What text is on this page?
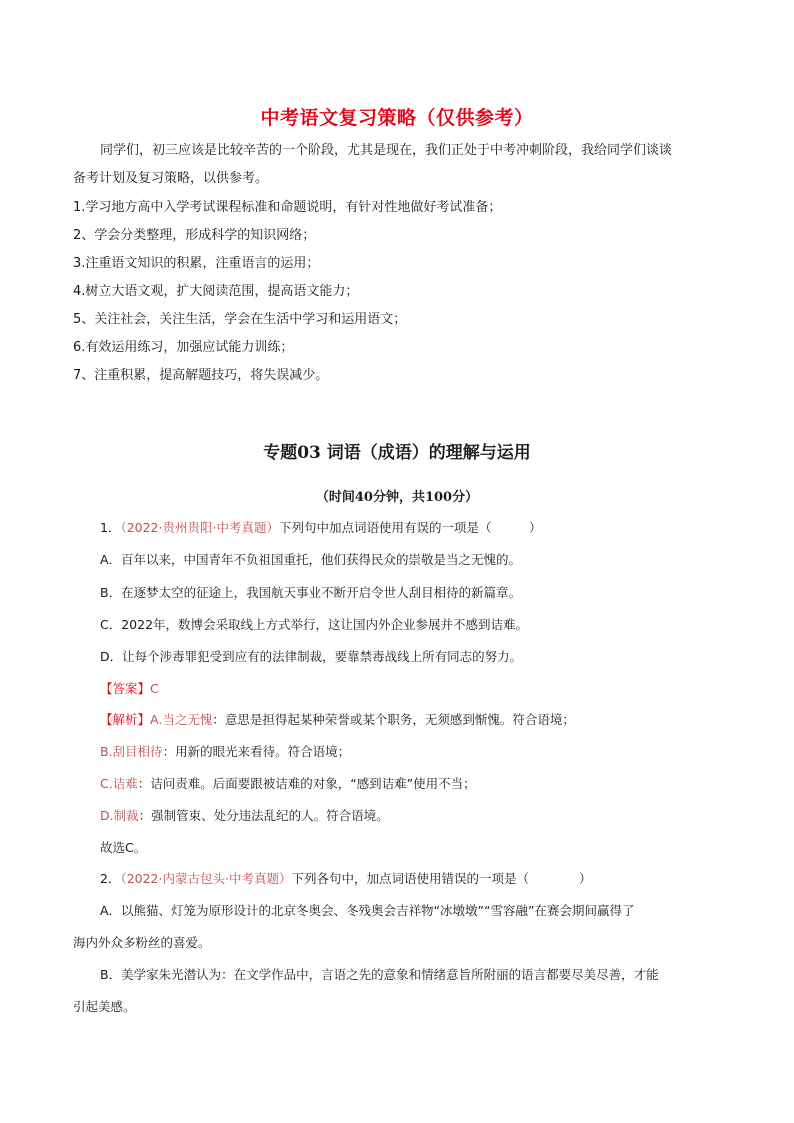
中考语文复习策略（仅供参考）
同学们，初三应该是比较辛苦的一个阶段，尤其是现在，我们正处于中考冲刺阶段，我给同学们谈谈
备考计划及复习策略，以供参考。
1.学习地方高中入学考试课程标准和命题说明，有针对性地做好考试准备；
2、学会分类整理，形成科学的知识网络；
3.注重语文知识的积累，注重语言的运用；
4.树立大语文观，扩大阅读范围，提高语文能力；
5、关注社会，关注生活，学会在生活中学习和运用语文；
6.有效运用练习，加强应试能力训练；
7、注重积累，提高解题技巧，将失误减少。
专题03 词语（成语）的理解与运用
（时间40分钟，共100分）
1．（2022·贵州贵阳·中考真题）下列句中加点词语使用有误的一项是（　　　）
A．百年以来，中国青年不负祖国重托，他们获得民众的崇敬是当之无愧的。
B．在逐梦太空的征途上，我国航天事业不断开启令世人刮目相待的新篇章。
C．2022年，数博会采取线上方式举行，这让国内外企业参展并不感到诘难。
D．让每个涉毒罪犯受到应有的法律制裁，要靠禁毒战线上所有同志的努力。
【答案】C
【解析】A.当之无愧：意思是担得起某种荣誉或某个职务，无须感到惭愧。符合语境；
B.刮目相待：用新的眼光来看待。符合语境；
C.诘难：诘问责难。后面要跟被诘难的对象，“感到诘难”使用不当；
D.制裁：强制管束、处分违法乱纪的人。符合语境。
故选C。
2．（2022·内蒙古包头·中考真题）下列各句中，加点词语使用错误的一项是（　　　　）
A．以熊猫、灯笼为原形设计的北京冬奥会、冬残奥会吉祥物“冰墩墩”“雪容融”在赛会期间赢得了
海内外众多粉丝的喜爱。
B．美学家朱光潜认为：在文学作品中，言语之先的意象和情绪意旨所附丽的语言都要尽美尽善，才能
引起美感。
